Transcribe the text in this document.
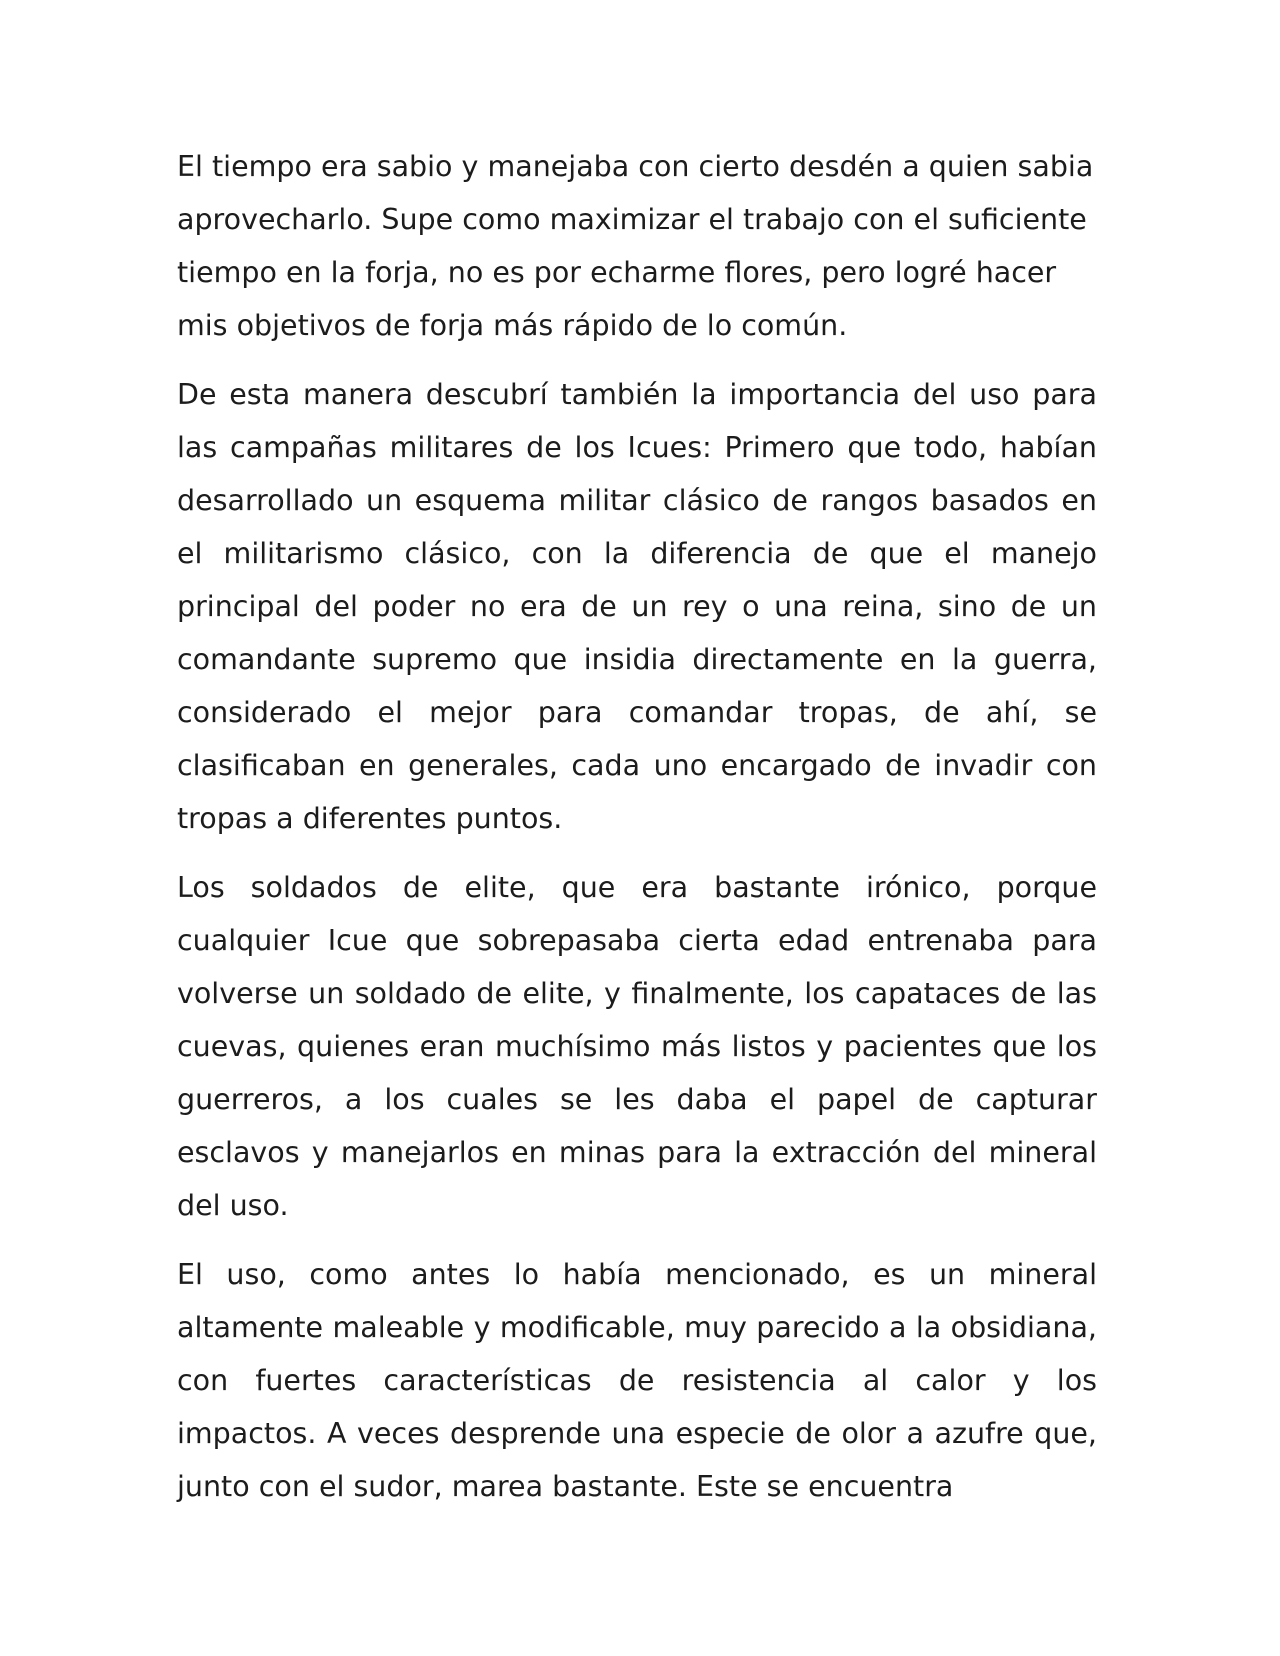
El tiempo era sabio y manejaba con cierto desdén a quien sabia aprovecharlo. Supe como maximizar el trabajo con el suficiente tiempo en la forja, no es por echarme flores, pero logré hacer mis objetivos de forja más rápido de lo común.

De esta manera descubrí también la importancia del uso para las campañas militares de los Icues: Primero que todo, habían desarrollado un esquema militar clásico de rangos basados en el militarismo clásico, con la diferencia de que el manejo principal del poder no era de un rey o una reina, sino de un comandante supremo que insidia directamente en la guerra, considerado el mejor para comandar tropas, de ahí, se clasificaban en generales, cada uno encargado de invadir con tropas a diferentes puntos.

Los soldados de elite, que era bastante irónico, porque cualquier Icue que sobrepasaba cierta edad entrenaba para volverse un soldado de elite, y finalmente, los capataces de las cuevas, quienes eran muchísimo más listos y pacientes que los guerreros, a los cuales se les daba el papel de capturar esclavos y manejarlos en minas para la extracción del mineral del uso.

El uso, como antes lo había mencionado, es un mineral altamente maleable y modificable, muy parecido a la obsidiana, con fuertes características de resistencia al calor y los impactos. A veces desprende una especie de olor a azufre que, junto con el sudor, marea bastante. Este se encuentra
